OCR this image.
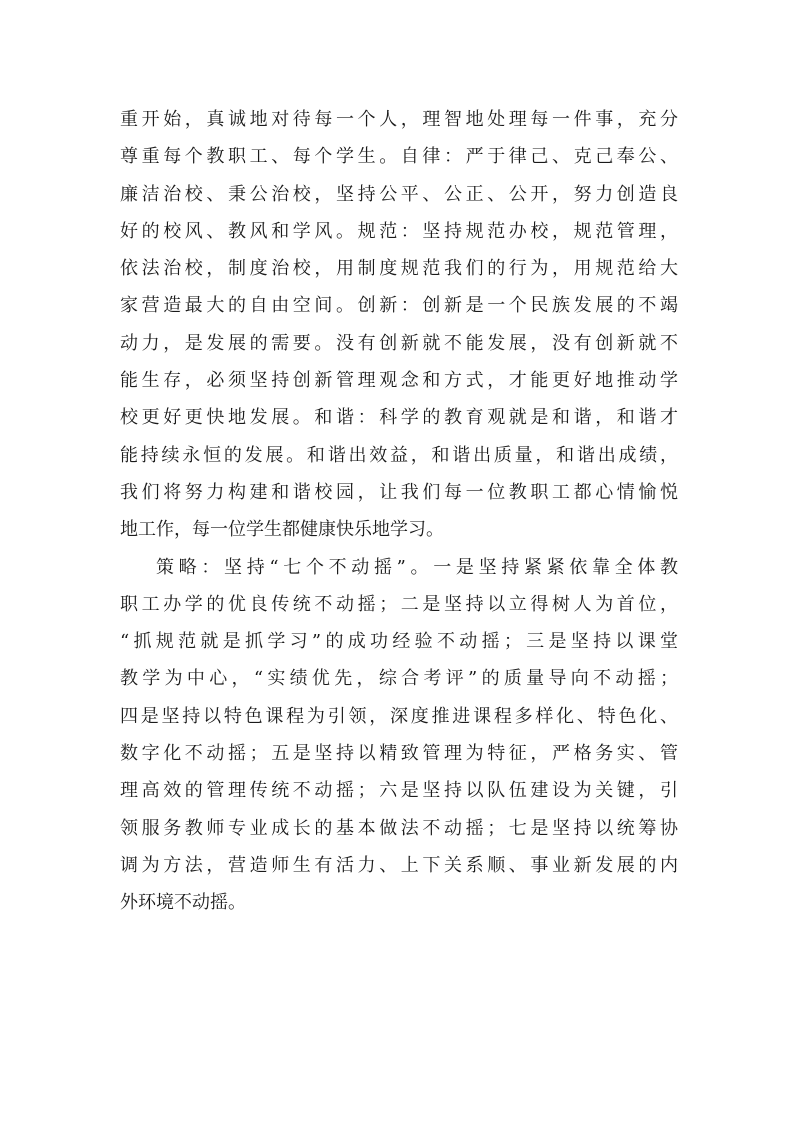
重开始，真诚地对待每一个人，理智地处理每一件事，充分
尊重每个教职工、每个学生。自律：严于律己、克己奉公、
廉洁治校、秉公治校，坚持公平、公正、公开，努力创造良
好的校风、教风和学风。规范：坚持规范办校，规范管理，
依法治校，制度治校，用制度规范我们的行为，用规范给大
家营造最大的自由空间。创新：创新是一个民族发展的不竭
动力，是发展的需要。没有创新就不能发展，没有创新就不
能生存，必须坚持创新管理观念和方式，才能更好地推动学
校更好更快地发展。和谐：科学的教育观就是和谐，和谐才
能持续永恒的发展。和谐出效益，和谐出质量，和谐出成绩，
我们将努力构建和谐校园，让我们每一位教职工都心情愉悦
地工作，每一位学生都健康快乐地学习。
策略：坚持“七个不动摇”。一是坚持紧紧依靠全体教
职工办学的优良传统不动摇；二是坚持以立得树人为首位，
“抓规范就是抓学习”的成功经验不动摇；三是坚持以课堂
教学为中心，“实绩优先，综合考评”的质量导向不动摇；
四是坚持以特色课程为引领，深度推进课程多样化、特色化、
数字化不动摇；五是坚持以精致管理为特征，严格务实、管
理高效的管理传统不动摇；六是坚持以队伍建设为关键，引
领服务教师专业成长的基本做法不动摇；七是坚持以统筹协
调为方法，营造师生有活力、上下关系顺、事业新发展的内
外环境不动摇。
